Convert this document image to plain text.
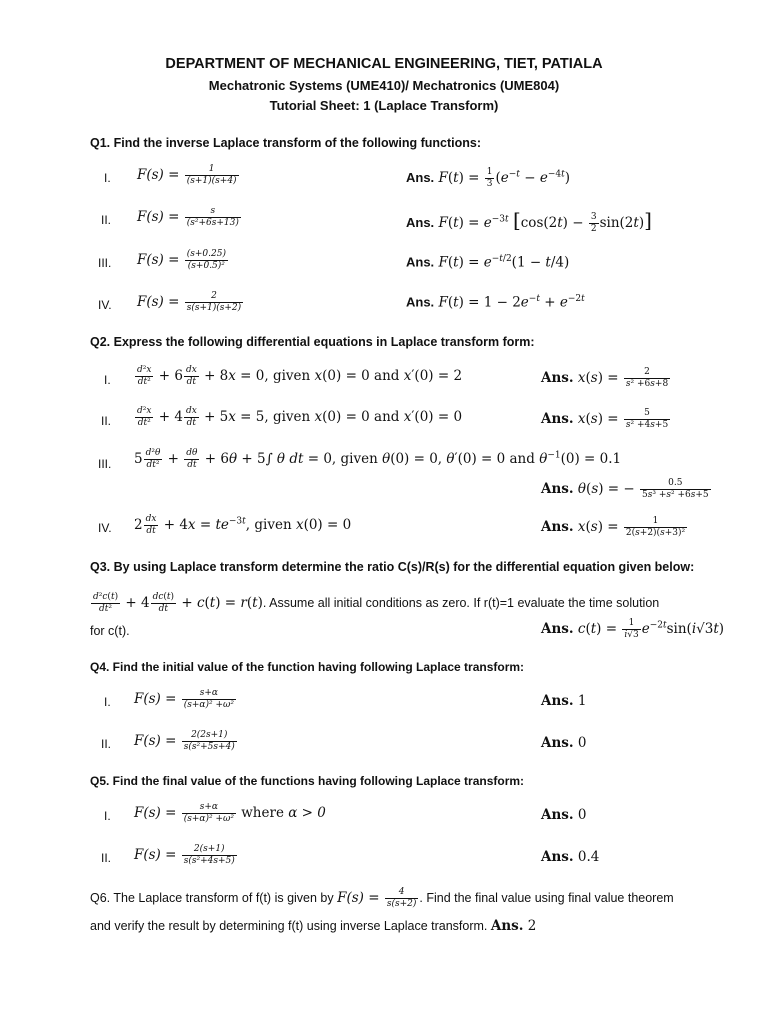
DEPARTMENT OF MECHANICAL ENGINEERING, TIET, PATIALA
Mechatronic Systems (UME410)/ Mechatronics (UME804)
Tutorial Sheet: 1 (Laplace Transform)
Q1. Find the inverse Laplace transform of the following functions:
I. $F(s) = \frac{1}{(s+1)(s+4)}$	Ans. $F(t) = \frac{1}{3} (e^{-t} - e^{-4t})$
II. $F(s) = \frac{s}{\text{(s²+6s+13)}}$	Ans. $F(t) = e^{-3t}$ $[\cos(2t) - \frac{3}{2} \sin(2t)]$
III. $F(s) = \frac{(s+0.25)}{\text{(s+0.5)²}}$	Ans. $F(t) = e^{-t/2}(1 - t/4)$
IV. $F(s) = \frac{2}{s(s+1)(s+2)}$	Ans. $F(t) = 1 - 2e^{-t} + e^{-2t}$
Q2. Express the following differential equations in Laplace transform form:
I.	$\frac{\text{d²x}}{\text{dt²}} + 6 \frac{dx}{dt} + 8x = 0$, given x(0) = 0 and x′(0) = 2	Ans. $x(s) = \frac{2}{\text{s² +6s+8}}$
II.	$\frac{\text{d²x}}{\text{dt²}} + 4 \frac{dx}{dt} + 5x = 5$, given x(0) = 0 and x′(0) = 0	Ans. $x(s) = \frac{5}{\text{s² +4s+5}}$
III. $5 \frac{\text{d²θ}}{\text{dt²}} + \frac{d\theta}{dt} + 6\theta + 5\int$ θ dt = 0, given θ(0) = 0, θ′(0) = 0 and $\theta^{-1}(0) = 0.1$
Ans. θ(s) = − $\frac{0.5}{\text{5s³ +s² +6s+5}}$
IV. $2 \frac{dx}{dt} + 4x = te^{-3t}$, given x(0) = 0	Ans. $x(s) = \frac{1}{\text{2(s+2)(s+3)²}}$
Q3. By using Laplace transform determine the ratio C(s)/R(s) for the differential equation given below:
$\frac{\text{d²c(t)}}{\text{dt²}} + 4 \frac{dc(t)}{dt} + c(t) = r(t)$. Assume all initial conditions as zero. If r(t)=1 evaluate the time solution
for c(t).	Ans. $c(t) = \frac{1}{i√3} e^{-2t}\sin(i√3t)$
Q4. Find the initial value of the function having following Laplace transform:
I. $F(s) = \frac{s+\alpha}{\text{(s+α)² +ω²}}$	Ans. 1
II. $F(s) = \frac{2(2s+1)}{\text{s(s²+5s+4)}}$	Ans. 0
Q5. Find the final value of the functions having following Laplace transform:
I. $F(s) = \frac{s+\alpha}{\text{(s+α)² +ω²}}$ where α > 0	Ans. 0
II. $F(s) = \frac{2(s+1)}{\text{s(s²+4s+5)}}$	Ans. 0.4
Q6. The Laplace transform of f(t) is given by $F(s) = \frac{4}{s(s+2)}$ . Find the final value using final value theorem
and verify the result by determining f(t) using inverse Laplace transform. Ans. 2
